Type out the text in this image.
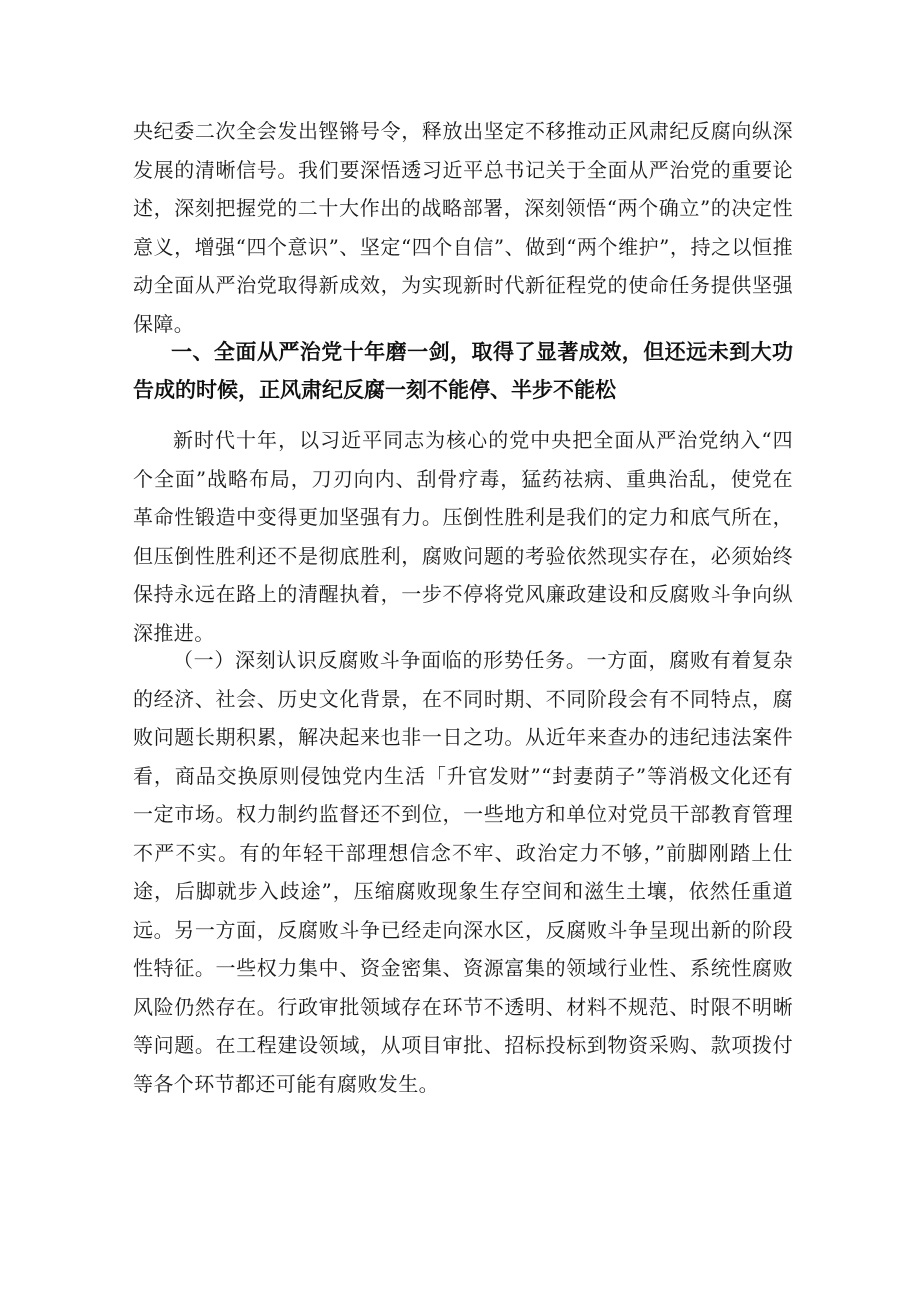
央纪委二次全会发出铿锵号令，释放出坚定不移推动正风肃纪反腐向纵深发展的清晰信号。我们要深悟透习近平总书记关于全面从严治党的重要论述，深刻把握党的二十大作出的战略部署，深刻领悟“两个确立”的决定性意义，增强“四个意识”、坚定“四个自信”、做到“两个维护”，持之以恒推动全面从严治党取得新成效，为实现新时代新征程党的使命任务提供坚强保障。

一、全面从严治党十年磨一剑，取得了显著成效，但还远未到大功告成的时候，正风肃纪反腐一刻不能停、半步不能松

新时代十年，以习近平同志为核心的党中央把全面从严治党纳入“四个全面”战略布局，刀刃向内、刮骨疗毒，猛药祛病、重典治乱，使党在革命性锻造中变得更加坚强有力。压倒性胜利是我们的定力和底气所在，但压倒性胜利还不是彻底胜利，腐败问题的考验依然现实存在，必须始终保持永远在路上的清醒执着，一步不停将党风廉政建设和反腐败斗争向纵深推进。

（一）深刻认识反腐败斗争面临的形势任务。一方面，腐败有着复杂的经济、社会、历史文化背景，在不同时期、不同阶段会有不同特点，腐败问题长期积累，解决起来也非一日之功。从近年来查办的违纪违法案件看，商品交换原则侵蚀党内生活「升官发财”“封妻荫子”等消极文化还有一定市场。权力制约监督还不到位，一些地方和单位对党员干部教育管理不严不实。有的年轻干部理想信念不牢、政治定力不够，”前脚刚踏上仕途，后脚就步入歧途”，压缩腐败现象生存空间和滋生土壤，依然任重道远。另一方面，反腐败斗争已经走向深水区，反腐败斗争呈现出新的阶段性特征。一些权力集中、资金密集、资源富集的领域行业性、系统性腐败风险仍然存在。行政审批领域存在环节不透明、材料不规范、时限不明晰等问题。在工程建设领域，从项目审批、招标投标到物资采购、款项拨付等各个环节都还可能有腐败发生。
